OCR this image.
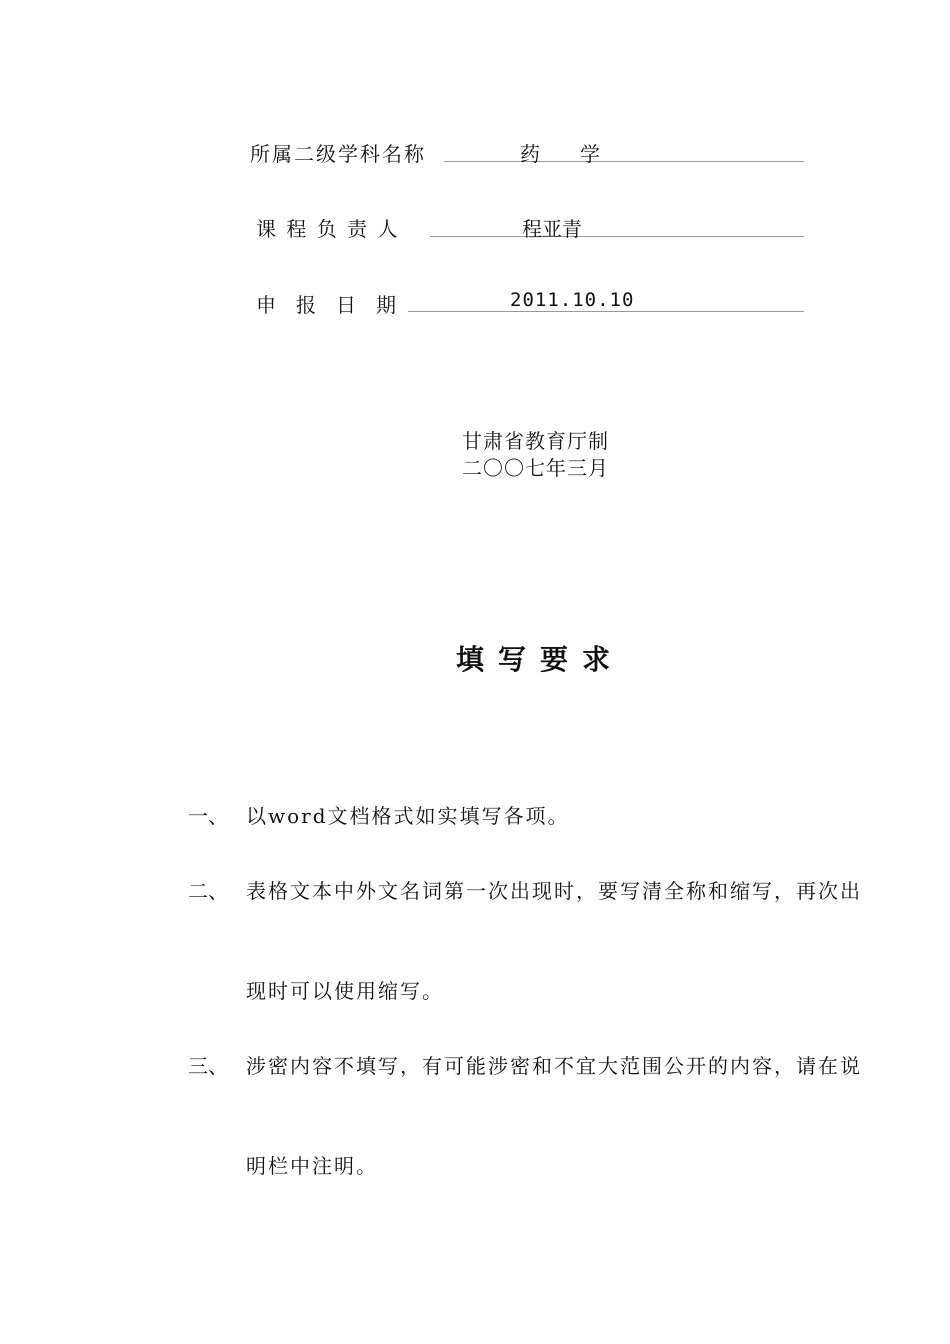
所属二级学科名称	药　　学
课 程 负 责 人	程亚青
申　报　日　期	2011.10.10
甘肃省教育厅制
二〇〇七年三月
填写要求
一、 以word文档格式如实填写各项。
二、 表格文本中外文名词第一次出现时，要写清全称和缩写，再次出
现时可以使用缩写。
三、 涉密内容不填写，有可能涉密和不宜大范围公开的内容，请在说
明栏中注明。
